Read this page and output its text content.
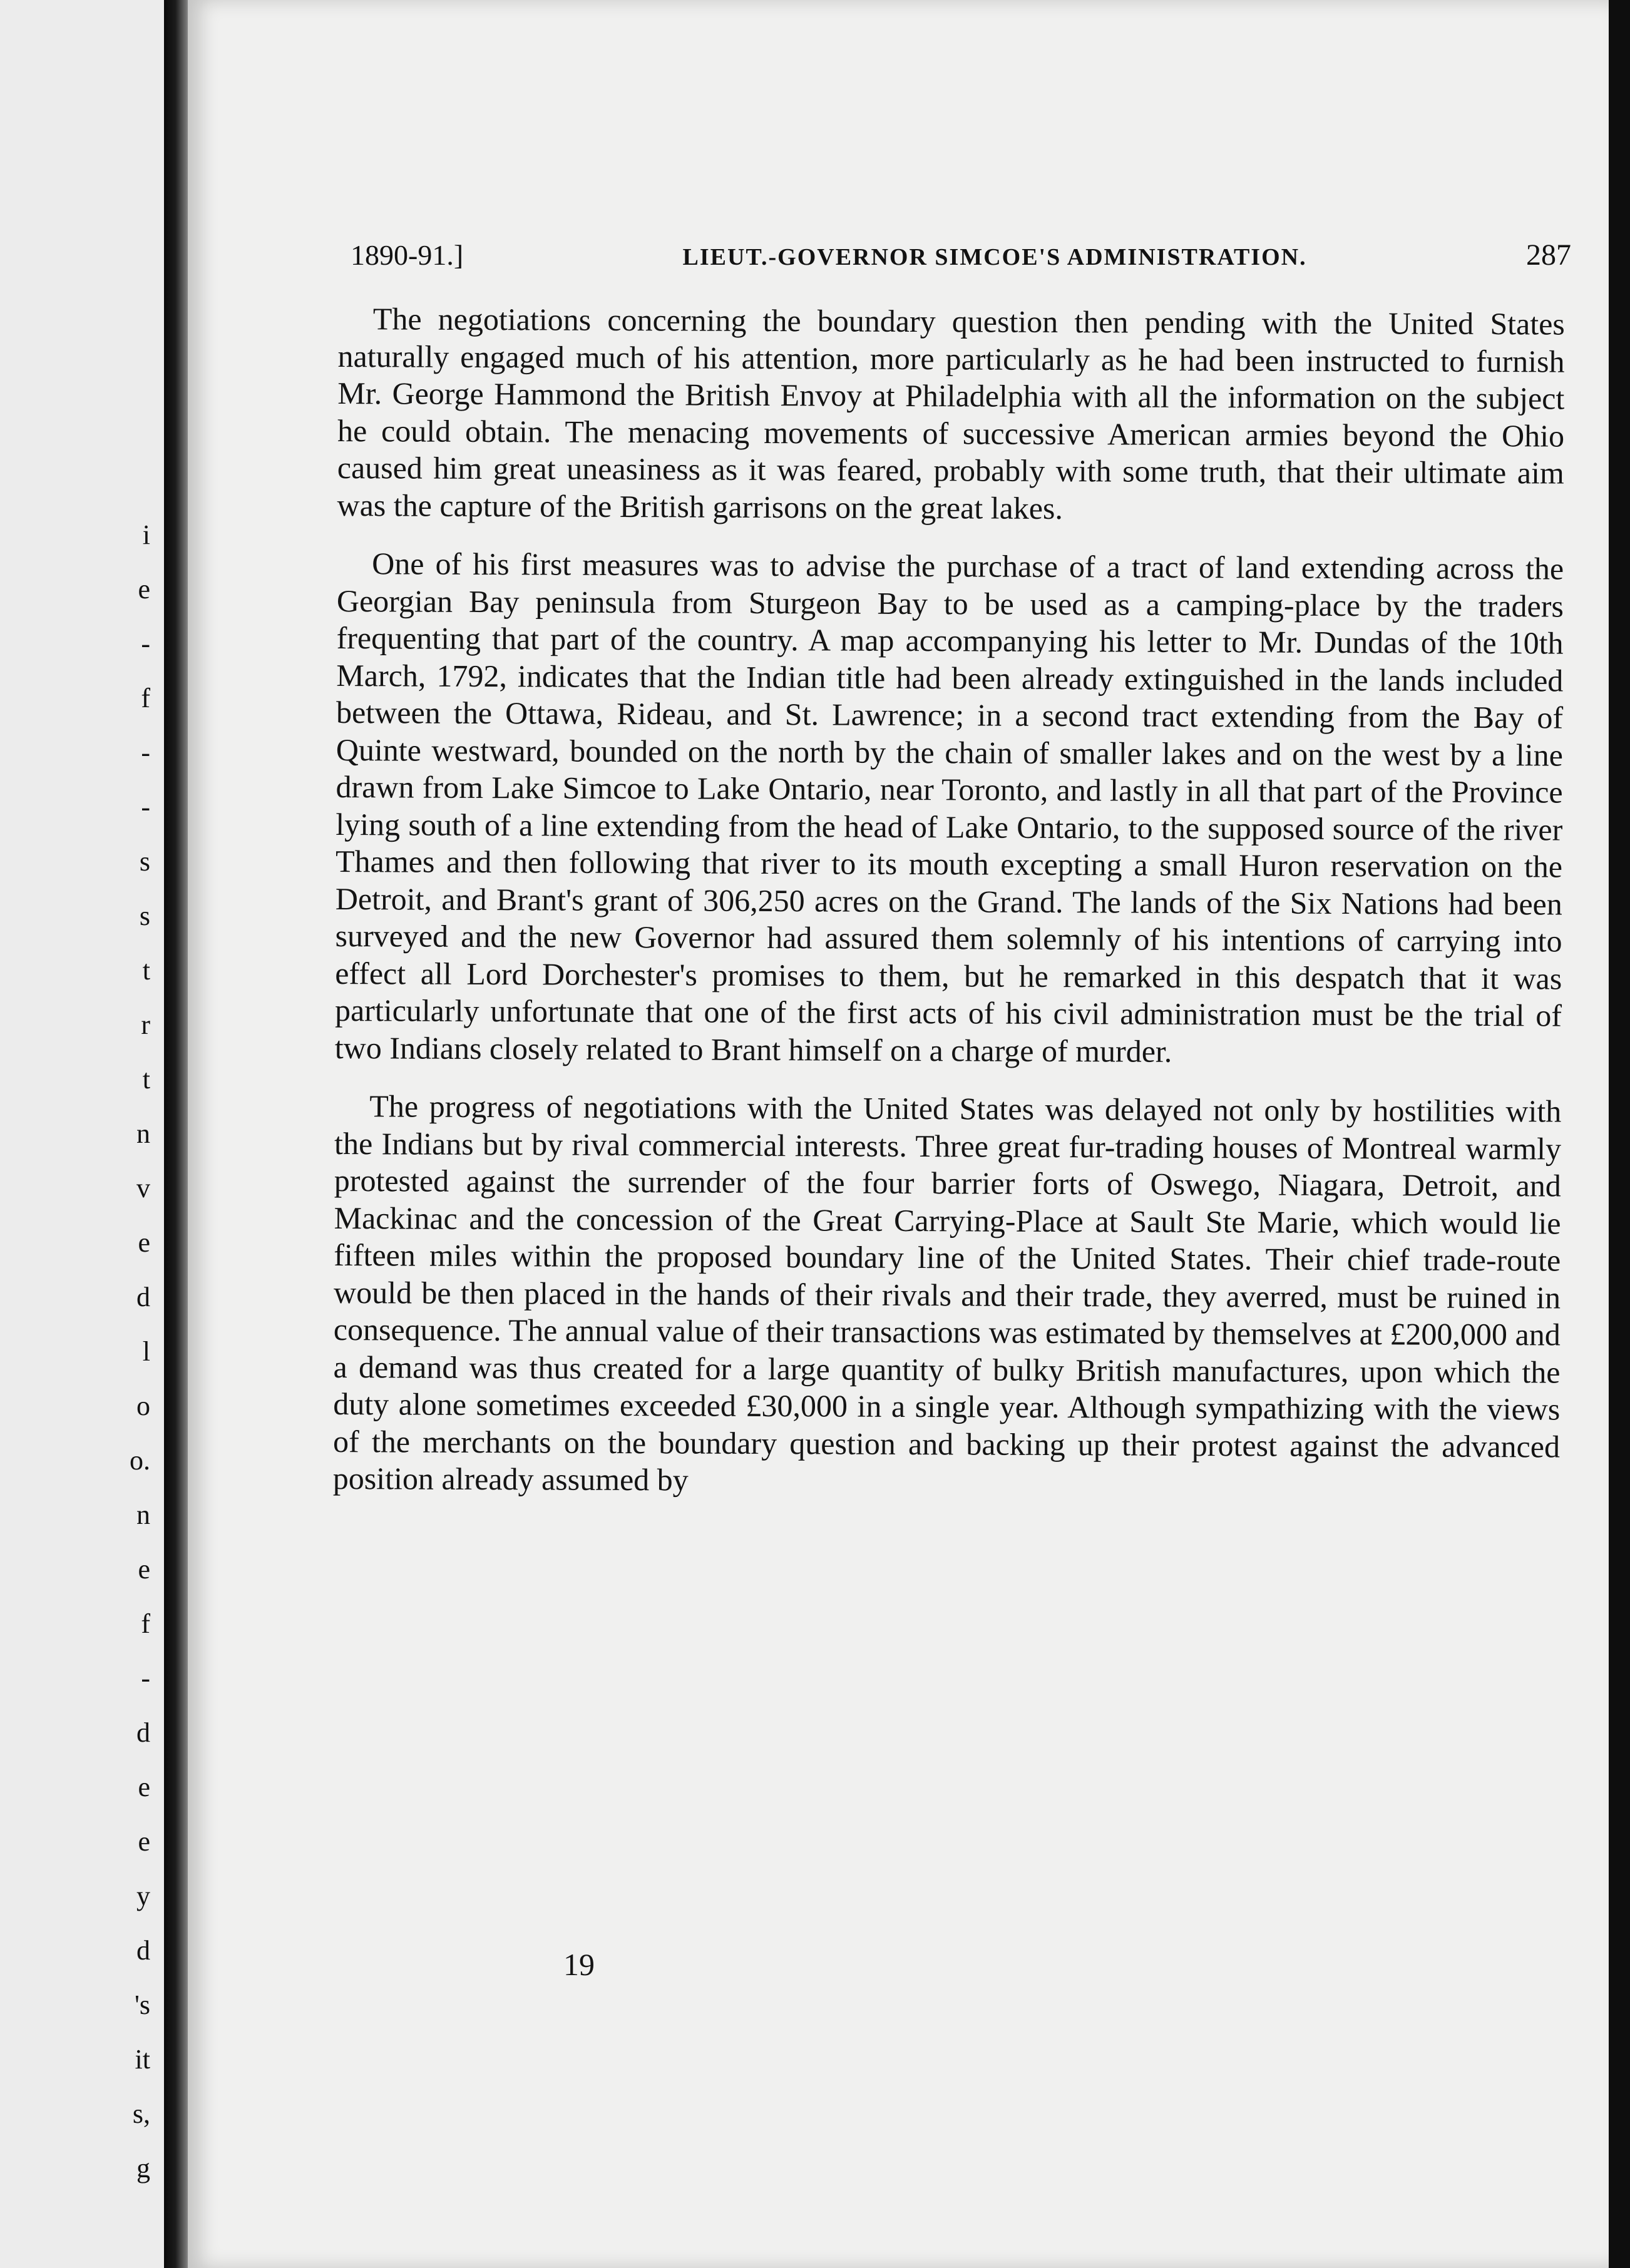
i
e
-
f
-
-
s
s
t
r
t
n
v
e
d
l
o
o.
n
e
f
-
d
e
e
y
d
's
it
s,
g
1890-91.]	LIEUT.-GOVERNOR SIMCOE'S ADMINISTRATION.	287

The negotiations concerning the boundary question then pending with the United States naturally engaged much of his attention, more particularly as he had been instructed to furnish Mr. George Hammond the British Envoy at Philadelphia with all the information on the subject he could obtain. The menacing movements of successive American armies beyond the Ohio caused him great uneasiness as it was feared, probably with some truth, that their ultimate aim was the capture of the British garrisons on the great lakes.

One of his first measures was to advise the purchase of a tract of land extending across the Georgian Bay peninsula from Sturgeon Bay to be used as a camping-place by the traders frequenting that part of the country. A map accompanying his letter to Mr. Dundas of the 10th March, 1792, indicates that the Indian title had been already extinguished in the lands included between the Ottawa, Rideau, and St. Lawrence; in a second tract extending from the Bay of Quinte westward, bounded on the north by the chain of smaller lakes and on the west by a line drawn from Lake Simcoe to Lake Ontario, near Toronto, and lastly in all that part of the Province lying south of a line extending from the head of Lake Ontario, to the supposed source of the river Thames and then following that river to its mouth excepting a small Huron reservation on the Detroit, and Brant's grant of 306,250 acres on the Grand. The lands of the Six Nations had been surveyed and the new Governor had assured them solemnly of his intentions of carrying into effect all Lord Dorchester's promises to them, but he remarked in this despatch that it was particularly unfortunate that one of the first acts of his civil administration must be the trial of two Indians closely related to Brant himself on a charge of murder.

The progress of negotiations with the United States was delayed not only by hostilities with the Indians but by rival commercial interests. Three great fur-trading houses of Montreal warmly protested against the surrender of the four barrier forts of Oswego, Niagara, Detroit, and Mackinac and the concession of the Great Carrying-Place at Sault Ste Marie, which would lie fifteen miles within the proposed boundary line of the United States. Their chief trade-route would be then placed in the hands of their rivals and their trade, they averred, must be ruined in consequence. The annual value of their transactions was estimated by themselves at £200,000 and a demand was thus created for a large quantity of bulky British manufactures, upon which the duty alone sometimes exceeded £30,000 in a single year. Although sympathizing with the views of the merchants on the boundary question and backing up their protest against the advanced position already assumed by

19
